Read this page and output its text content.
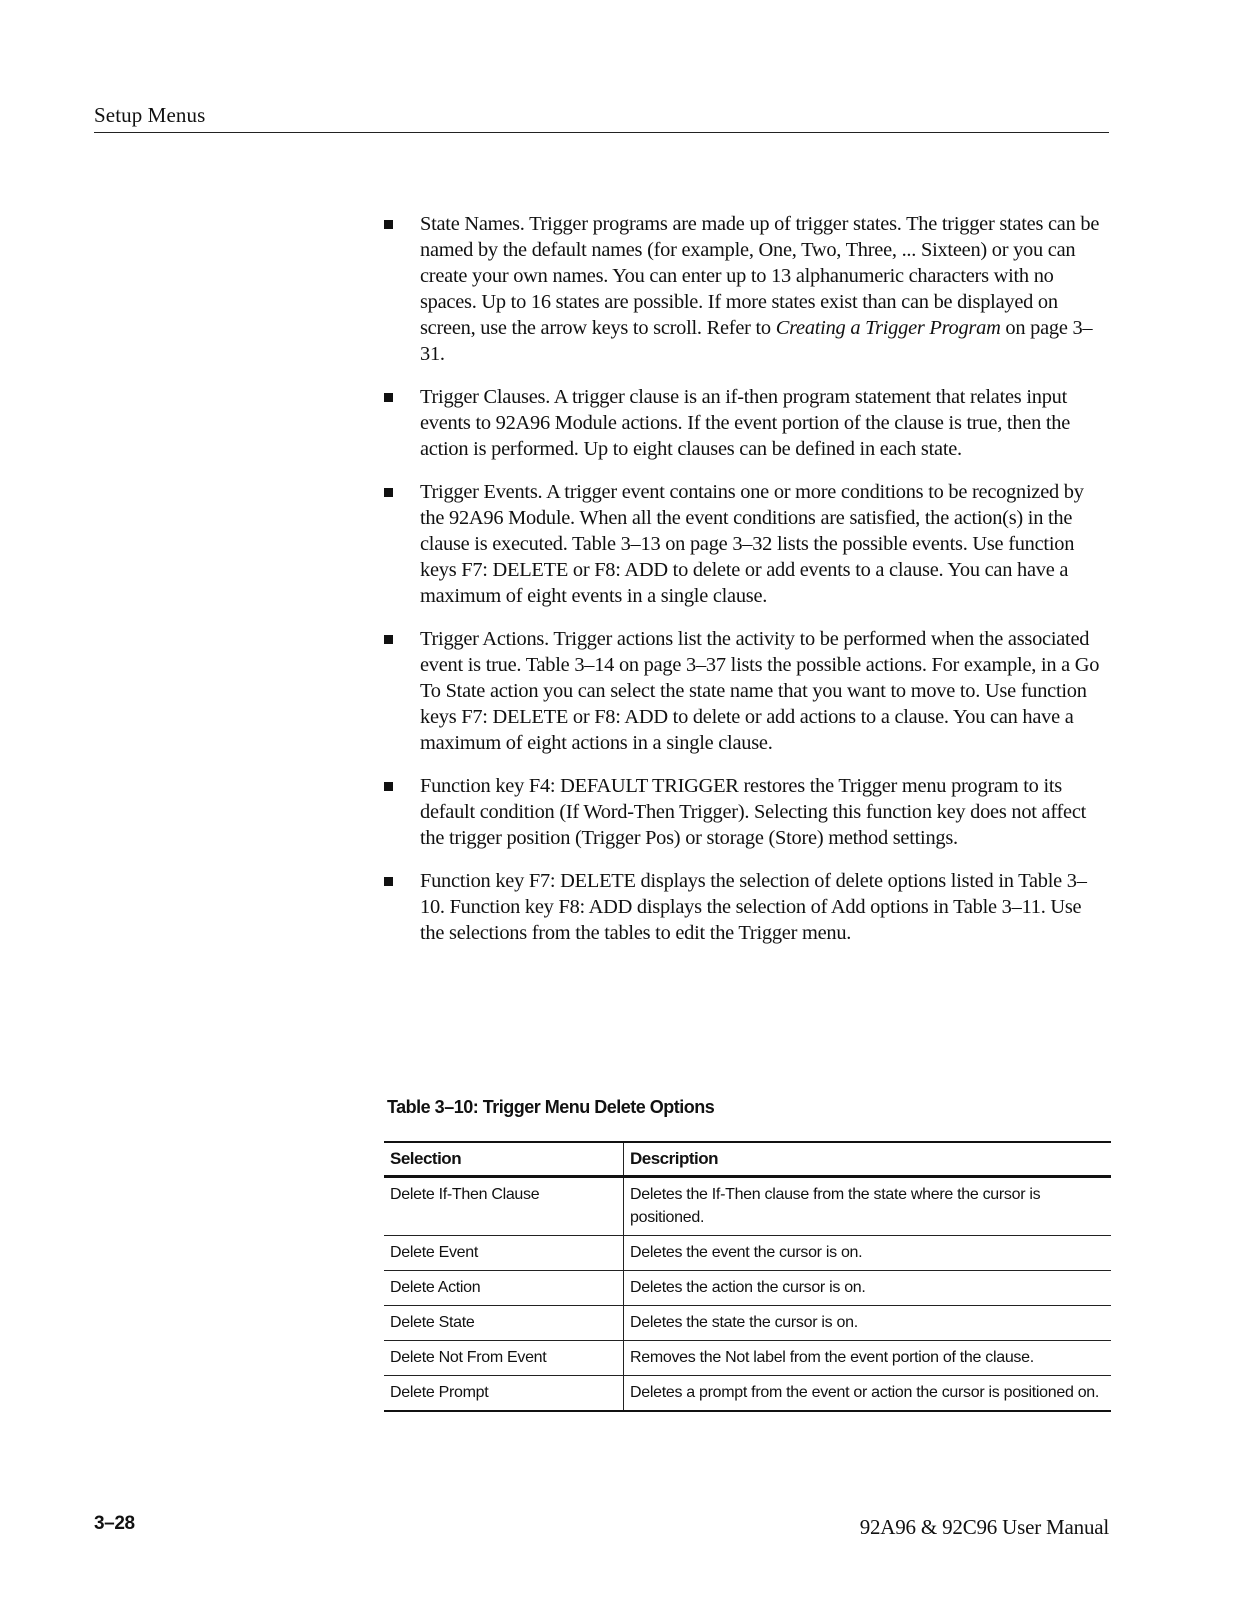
Setup Menus
State Names. Trigger programs are made up of trigger states. The trigger states can be named by the default names (for example, One, Two, Three, ... Sixteen) or you can create your own names. You can enter up to 13 alphanumeric characters with no spaces. Up to 16 states are possible. If more states exist than can be displayed on screen, use the arrow keys to scroll. Refer to Creating a Trigger Program on page 3–31.
Trigger Clauses. A trigger clause is an if-then program statement that relates input events to 92A96 Module actions. If the event portion of the clause is true, then the action is performed. Up to eight clauses can be defined in each state.
Trigger Events. A trigger event contains one or more conditions to be recognized by the 92A96 Module. When all the event conditions are satisfied, the action(s) in the clause is executed. Table 3–13 on page 3–32 lists the possible events. Use function keys F7: DELETE or F8: ADD to delete or add events to a clause. You can have a maximum of eight events in a single clause.
Trigger Actions. Trigger actions list the activity to be performed when the associated event is true. Table 3–14 on page 3–37 lists the possible actions. For example, in a Go To State action you can select the state name that you want to move to. Use function keys F7: DELETE or F8: ADD to delete or add actions to a clause. You can have a maximum of eight actions in a single clause.
Function key F4: DEFAULT TRIGGER restores the Trigger menu program to its default condition (If Word-Then Trigger). Selecting this function key does not affect the trigger position (Trigger Pos) or storage (Store) method settings.
Function key F7: DELETE displays the selection of delete options listed in Table 3–10. Function key F8: ADD displays the selection of Add options in Table 3–11. Use the selections from the tables to edit the Trigger menu.
Table 3–10: Trigger Menu Delete Options
Selection	Description
Delete If-Then Clause	Deletes the If-Then clause from the state where the cursor is positioned.
Delete Event	Deletes the event the cursor is on.
Delete Action	Deletes the action the cursor is on.
Delete State	Deletes the state the cursor is on.
Delete Not From Event	Removes the Not label from the event portion of the clause.
Delete Prompt	Deletes a prompt from the event or action the cursor is positioned on.
3–28	92A96 & 92C96 User Manual
